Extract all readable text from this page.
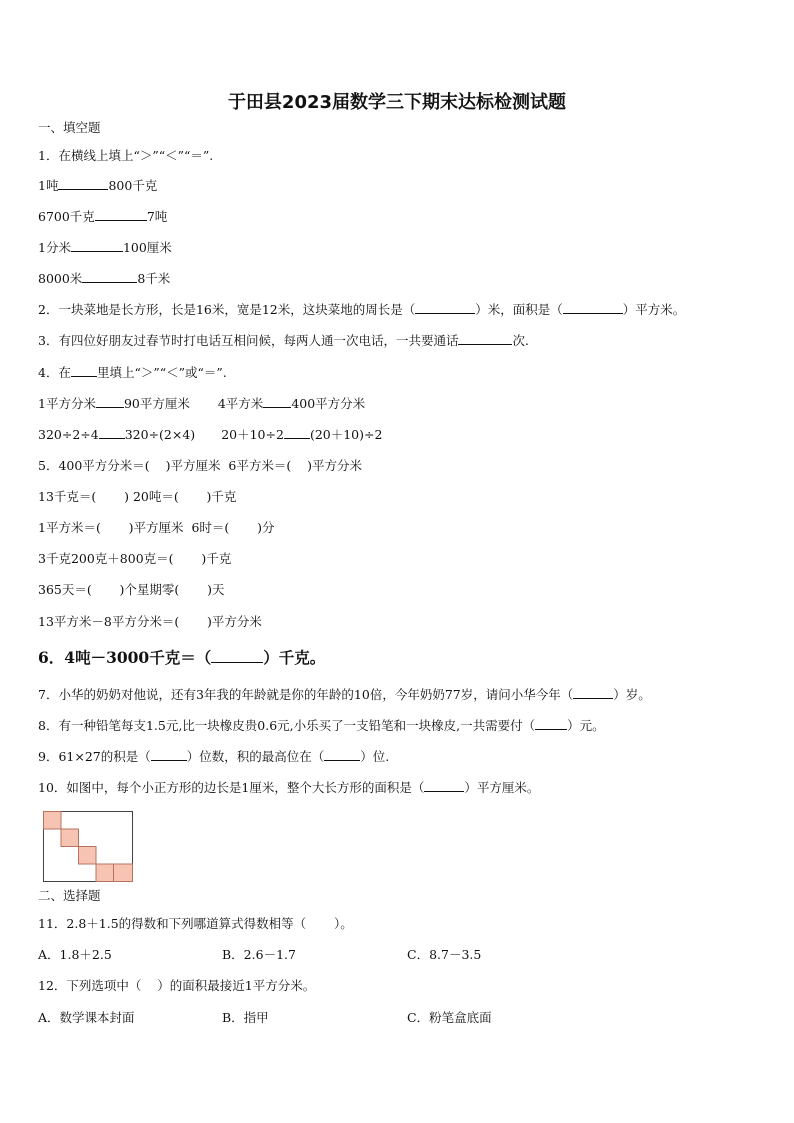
于田县2023届数学三下期末达标检测试题
一、填空题
1．在横线上填上“＞”“＜”“＝”.
1吨	800千克
6700千克	7吨
1分米	100厘米
8000米	8千米
2．一块菜地是长方形，长是16米，宽是12米，这块菜地的周长是（	）米，面积是（	）平方米。
3．有四位好朋友过春节时打电话互相问候，每两人通一次电话，一共要通话	次.
4．在 里填上“＞”“＜”或“＝”.
1平方分米 90平方厘米 4平方米 400平方分米
320÷2÷4 320÷(2×4) 20＋10÷2 (20＋10)÷2
5．400平方分米＝(    )平方厘米  6平方米＝(    )平方分米
13千克＝(       ) 20吨＝(       )千克
1平方米＝(       )平方厘米  6时＝(       )分
3千克200克＋800克＝(       )千克
365天＝(       )个星期零(       )天
13平方米－8平方分米＝(       )平方分米
6．4吨－3000千克＝（	）千克。
7．小华的奶奶对他说，还有3年我的年龄就是你的年龄的10倍，今年奶奶77岁，请问小华今年（	）岁。
8．有一种铅笔每支1.5元,比一块橡皮贵0.6元,小乐买了一支铅笔和一块橡皮,一共需要付（	）元。
9．61×27的积是（	）位数，积的最高位在（	）位.
10．如图中，每个小正方形的边长是1厘米，整个大长方形的面积是（	）平方厘米。
二、选择题
11．2.8＋1.5的得数和下列哪道算式得数相等（       ）。
A．1.8＋2.5	B．2.6－1.7	C．8.7－3.5
12．下列选项中（    ）的面积最接近1平方分米。
A．数学课本封面	B．指甲	C．粉笔盒底面
